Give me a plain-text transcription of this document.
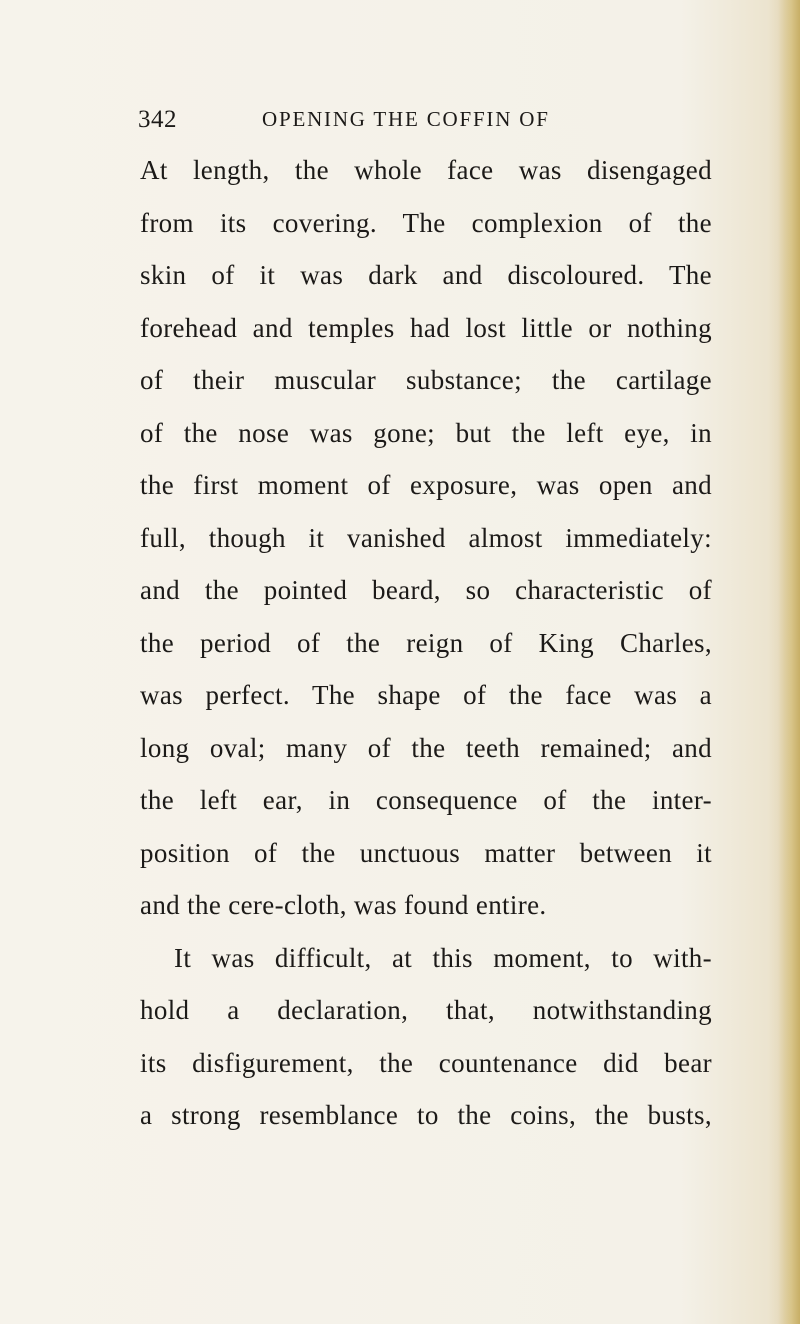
342	OPENING THE COFFIN OF
At length, the whole face was disengaged
from its covering. The complexion of the
skin of it was dark and discoloured. The
forehead and temples had lost little or nothing
of their muscular substance; the cartilage
of the nose was gone; but the left eye, in
the first moment of exposure, was open and
full, though it vanished almost immediately:
and the pointed beard, so characteristic of
the period of the reign of King Charles,
was perfect. The shape of the face was a
long oval; many of the teeth remained; and
the left ear, in consequence of the inter-
position of the unctuous matter between it
and the cere-cloth, was found entire.
It was difficult, at this moment, to with-
hold a declaration, that, notwithstanding
its disfigurement, the countenance did bear
a strong resemblance to the coins, the busts,
